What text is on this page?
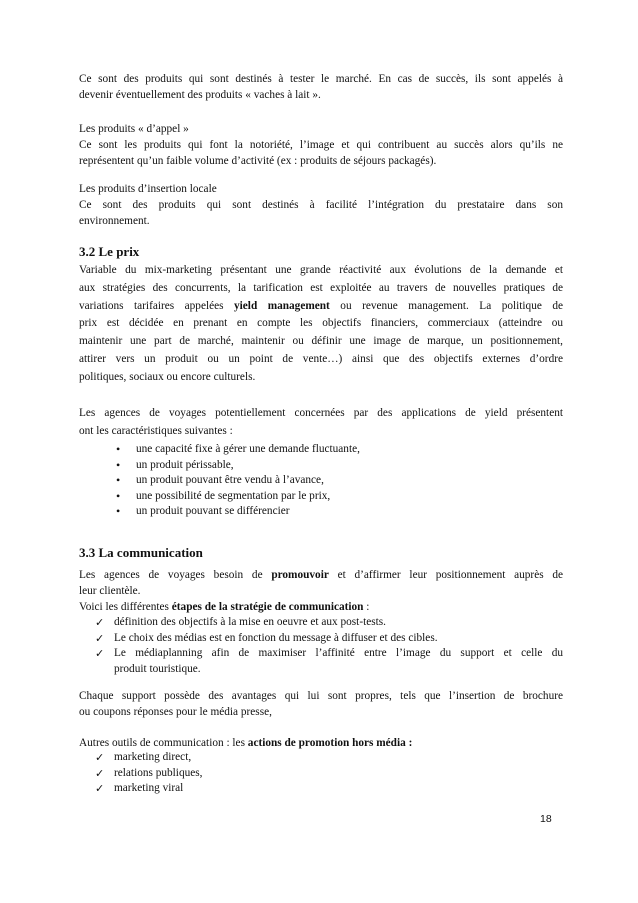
Ce sont des produits qui sont destinés à tester le marché. En cas de succès, ils sont appelés à
devenir éventuellement des produits « vaches à lait ».
Les produits « d’appel »
Ce sont les produits qui font la notoriété, l’image et qui contribuent au succès alors qu’ils ne
représentent qu’un faible volume d’activité (ex : produits de séjours packagés).
Les produits d’insertion locale
Ce sont des produits qui sont destinés à facilité l’intégration du prestataire dans son
environnement.
3.2 Le prix
Variable du mix-marketing présentant une grande réactivité aux évolutions de la demande et
aux stratégies des concurrents, la tarification est exploitée au travers de nouvelles pratiques de
variations tarifaires appelées yield management ou revenue management. La politique de
prix est décidée en prenant en compte les objectifs financiers, commerciaux (atteindre ou
maintenir une part de marché, maintenir ou définir une image de marque, un positionnement,
attirer vers un produit ou un point de vente…) ainsi que des objectifs externes d’ordre
politiques, sociaux ou encore culturels.
Les agences de voyages potentiellement concernées par des applications de yield présentent
ont les caractéristiques suivantes :
• une capacité fixe à gérer une demande fluctuante,
• un produit périssable,
• un produit pouvant être vendu à l’avance,
• une possibilité de segmentation par le prix,
• un produit pouvant se différencier
3.3 La communication
Les agences de voyages besoin de promouvoir et d’affirmer leur positionnement auprès de
leur clientèle.
Voici les différentes étapes de la stratégie de communication :
✓ définition des objectifs à la mise en oeuvre et aux post-tests.
✓ Le choix des médias est en fonction du message à diffuser et des cibles.
✓ Le médiaplanning afin de maximiser l’affinité entre l’image du support et celle du
produit touristique.
Chaque support possède des avantages qui lui sont propres, tels que l’insertion de brochure
ou coupons réponses pour le média presse,
Autres outils de communication : les actions de promotion hors média :
✓ marketing direct,
✓ relations publiques,
✓ marketing viral
18
